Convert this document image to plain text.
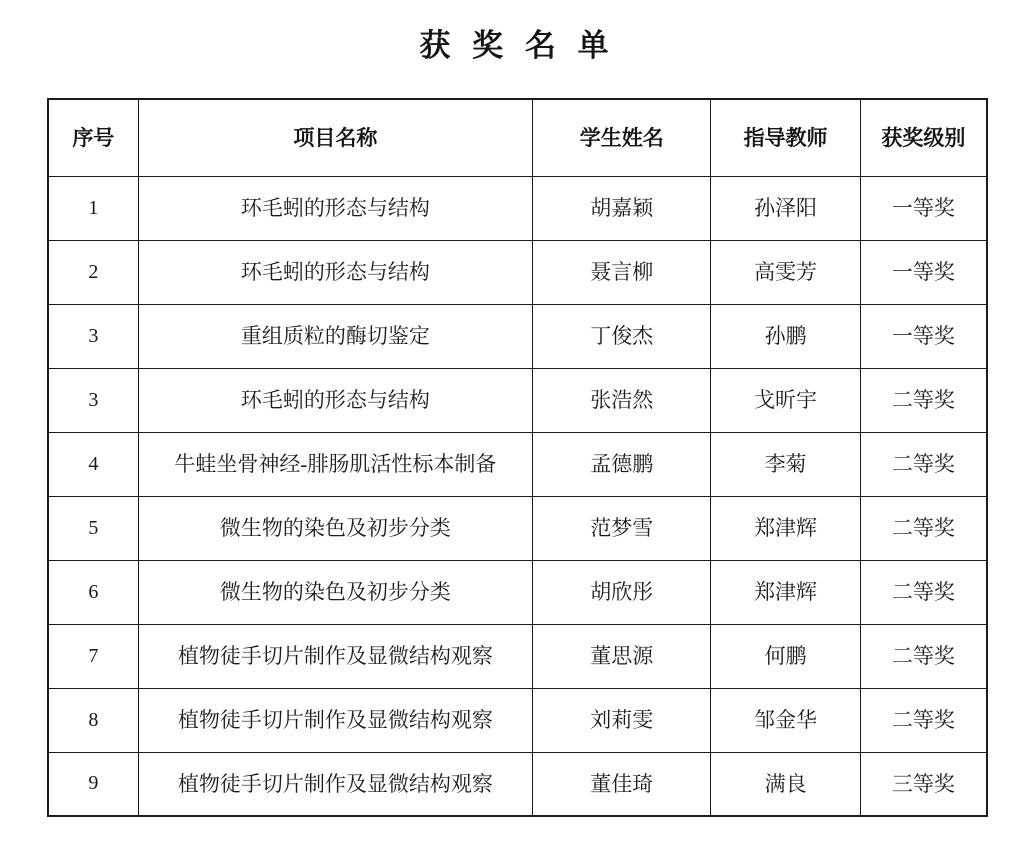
获 奖 名 单
序号	项目名称	学生姓名	指导教师	获奖级别
1	环毛蚓的形态与结构	胡嘉颖	孙泽阳	一等奖
2	环毛蚓的形态与结构	聂言柳	高雯芳	一等奖
3	重组质粒的酶切鉴定	丁俊杰	孙鹏	一等奖
3	环毛蚓的形态与结构	张浩然	戈昕宇	二等奖
4	牛蛙坐骨神经-腓肠肌活性标本制备	孟德鹏	李菊	二等奖
5	微生物的染色及初步分类	范梦雪	郑津辉	二等奖
6	微生物的染色及初步分类	胡欣彤	郑津辉	二等奖
7	植物徒手切片制作及显微结构观察	董思源	何鹏	二等奖
8	植物徒手切片制作及显微结构观察	刘莉雯	邹金华	二等奖
9	植物徒手切片制作及显微结构观察	董佳琦	满良	三等奖
